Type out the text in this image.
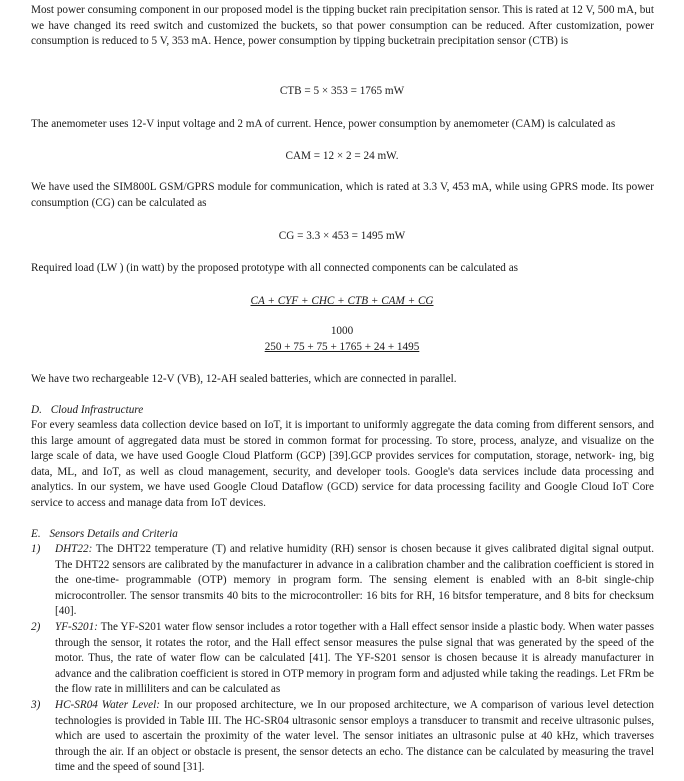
Most power consuming component in our proposed model is the tipping bucket rain precipitation sensor. This is rated at 12 V, 500 mA, but we have changed its reed switch and customized the buckets, so that power consumption can be reduced. After customization, power consumption is reduced to 5 V, 353 mA. Hence, power consumption by tipping bucketrain precipitation sensor (CTB) is

CTB = 5 × 353 = 1765 mW

The anemometer uses 12-V input voltage and 2 mA of current. Hence, power consumption by anemometer (CAM) is calculated as

CAM = 12 × 2 = 24 mW.

We have used the SIM800L GSM/GPRS module for communication, which is rated at 3.3 V, 453 mA, while using GPRS mode. Its power consumption (CG) can be calculated as

CG = 3.3 × 453 = 1495 mW

Required load (LW ) (in watt) by the proposed prototype with all connected components can be calculated as

CA + CYF + CHC + CTB + CAM + CG

1000

250 + 75 + 75 + 1765 + 24 + 1495

We have two rechargeable 12-V (VB), 12-AH sealed batteries, which are connected in parallel.

D. Cloud Infrastructure

For every seamless data collection device based on IoT, it is important to uniformly aggregate the data coming from different sensors, and this large amount of aggregated data must be stored in common format for processing. To store, process, analyze, and visualize on the large scale of data, we have used Google Cloud Platform (GCP) [39].GCP provides services for computation, storage, network- ing, big data, ML, and IoT, as well as cloud management, security, and developer tools. Google's data services include data processing and analytics. In our system, we have used Google Cloud Dataflow (GCD) service for data processing facility and Google Cloud IoT Core service to access and manage data from IoT devices.

E. Sensors Details and Criteria
1) DHT22: The DHT22 temperature (T) and relative humidity (RH) sensor is chosen because it gives calibrated digital signal output. The DHT22 sensors are calibrated by the manufacturer in advance in a calibration chamber and the calibration coefficient is stored in the one-time- programmable (OTP) memory in program form. The sensing element is enabled with an 8-bit single-chip microcontroller. The sensor transmits 40 bits to the microcontroller: 16 bits for RH, 16 bitsfor temperature, and 8 bits for checksum [40].
2) YF-S201: The YF-S201 water flow sensor includes a rotor together with a Hall effect sensor inside a plastic body. When water passes through the sensor, it rotates the rotor, and the Hall effect sensor measures the pulse signal that was generated by the speed of the motor. Thus, the rate of water flow can be calculated [41]. The YF-S201 sensor is chosen because it is already manufacturer in advance and the calibration coefficient is stored in OTP memory in program form and adjusted while taking the readings. Let FRm be the flow rate in milliliters and can be calculated as
3) HC-SR04 Water Level: In our proposed architecture, we In our proposed architecture, we A comparison of various level detection technologies is provided in Table III. The HC-SR04 ultrasonic sensor employs a transducer to transmit and receive ultrasonic pulses, which are used to ascertain the proximity of the water level. The sensor initiates an ultrasonic pulse at 40 kHz, which traverses through the air. If an object or obstacle is present, the sensor detects an echo. The distance can be calculated by measuring the travel time and the speed of sound [31].
